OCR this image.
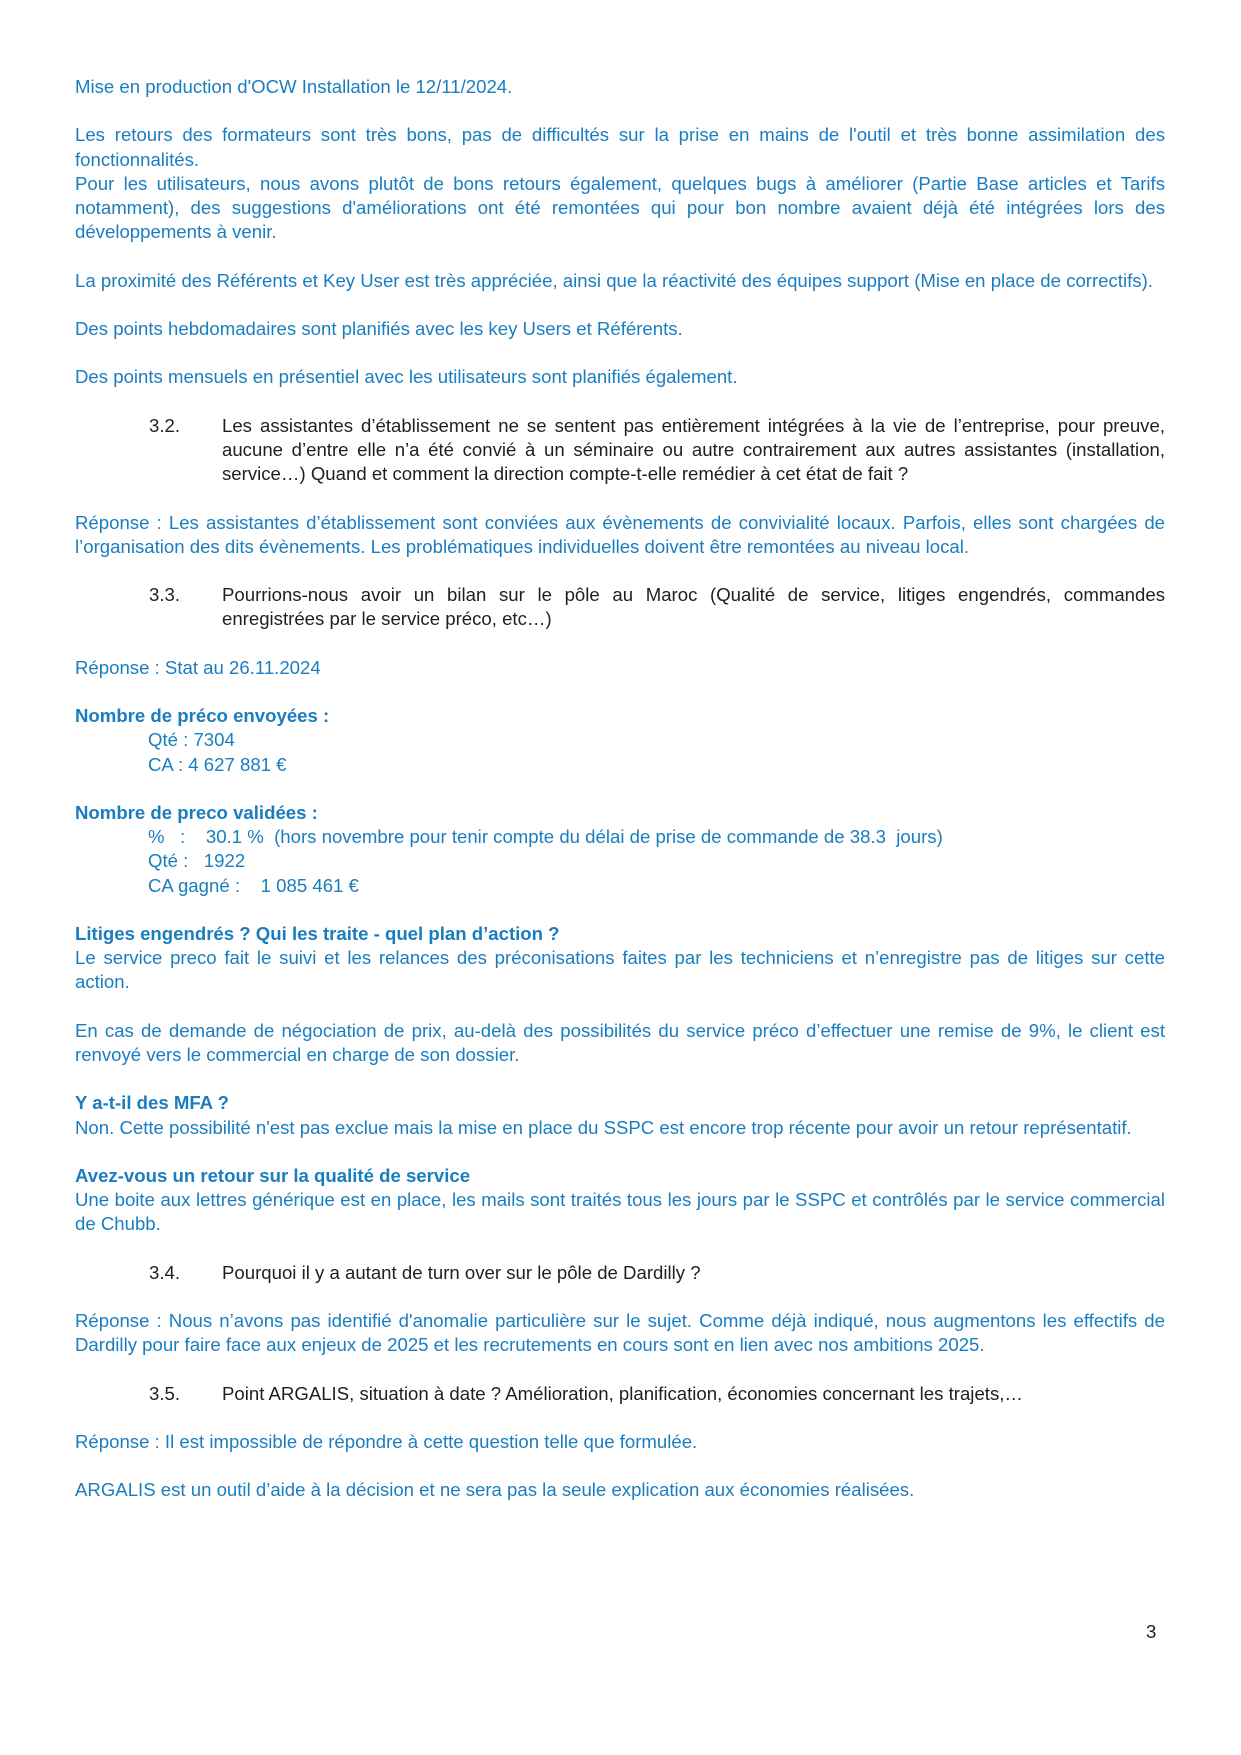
Mise en production d'OCW Installation le 12/11/2024.

Les retours des formateurs sont très bons, pas de difficultés sur la prise en mains de l'outil et très bonne assimilation des fonctionnalités.

Pour les utilisateurs, nous avons plutôt de bons retours également, quelques bugs à améliorer (Partie Base articles et Tarifs notamment), des suggestions d'améliorations ont été remontées qui pour bon nombre avaient déjà été intégrées lors des développements à venir.

La proximité des Référents et Key User est très appréciée, ainsi que la réactivité des équipes support (Mise en place de correctifs).

Des points hebdomadaires sont planifiés avec les key Users et Référents.

Des points mensuels en présentiel avec les utilisateurs sont planifiés également.

3.2.	Les assistantes d’établissement ne se sentent pas entièrement intégrées à la vie de l’entreprise, pour preuve, aucune d’entre elle n’a été convié à un séminaire ou autre contrairement aux autres assistantes (installation, service…) Quand et comment la direction compte-t-elle remédier à cet état de fait ?

Réponse : Les assistantes d’établissement sont conviées aux évènements de convivialité locaux. Parfois, elles sont chargées de l’organisation des dits évènements. Les problématiques individuelles doivent être remontées au niveau local.

3.3.	Pourrions-nous avoir un bilan sur le pôle au Maroc (Qualité de service, litiges engendrés, commandes enregistrées par le service préco, etc…)

Réponse : Stat au 26.11.2024

Nombre de préco envoyées :

Qté : 7304

CA : 4 627 881 €

Nombre de preco validées :

%   :    30.1 %  (hors novembre pour tenir compte du délai de prise de commande de 38.3  jours)

Qté :   1922

CA gagné :    1 085 461 €

Litiges engendrés ? Qui les traite - quel plan d’action ?

Le service preco fait le suivi et les relances des préconisations faites par les techniciens et n’enregistre pas de litiges sur cette action.

En cas de demande de négociation de prix, au-delà des possibilités du service préco d’effectuer une remise de 9%, le client est renvoyé vers le commercial en charge de son dossier.

Y a-t-il des MFA ?

Non. Cette possibilité n'est pas exclue mais la mise en place du SSPC est encore trop récente pour avoir un retour représentatif.

Avez-vous un retour sur la qualité de service

Une boite aux lettres générique est en place, les mails sont traités tous les jours par le SSPC et contrôlés par le service commercial de Chubb.

3.4.	Pourquoi il y a autant de turn over sur le pôle de Dardilly ?

Réponse : Nous n’avons pas identifié d'anomalie particulière sur le sujet. Comme déjà indiqué, nous augmentons les effectifs de Dardilly pour faire face aux enjeux de 2025 et les recrutements en cours sont en lien avec nos ambitions 2025.

3.5.	Point ARGALIS, situation à date ? Amélioration, planification, économies concernant les trajets,…

Réponse : Il est impossible de répondre à cette question telle que formulée.

ARGALIS est un outil d’aide à la décision et ne sera pas la seule explication aux économies réalisées.

3
